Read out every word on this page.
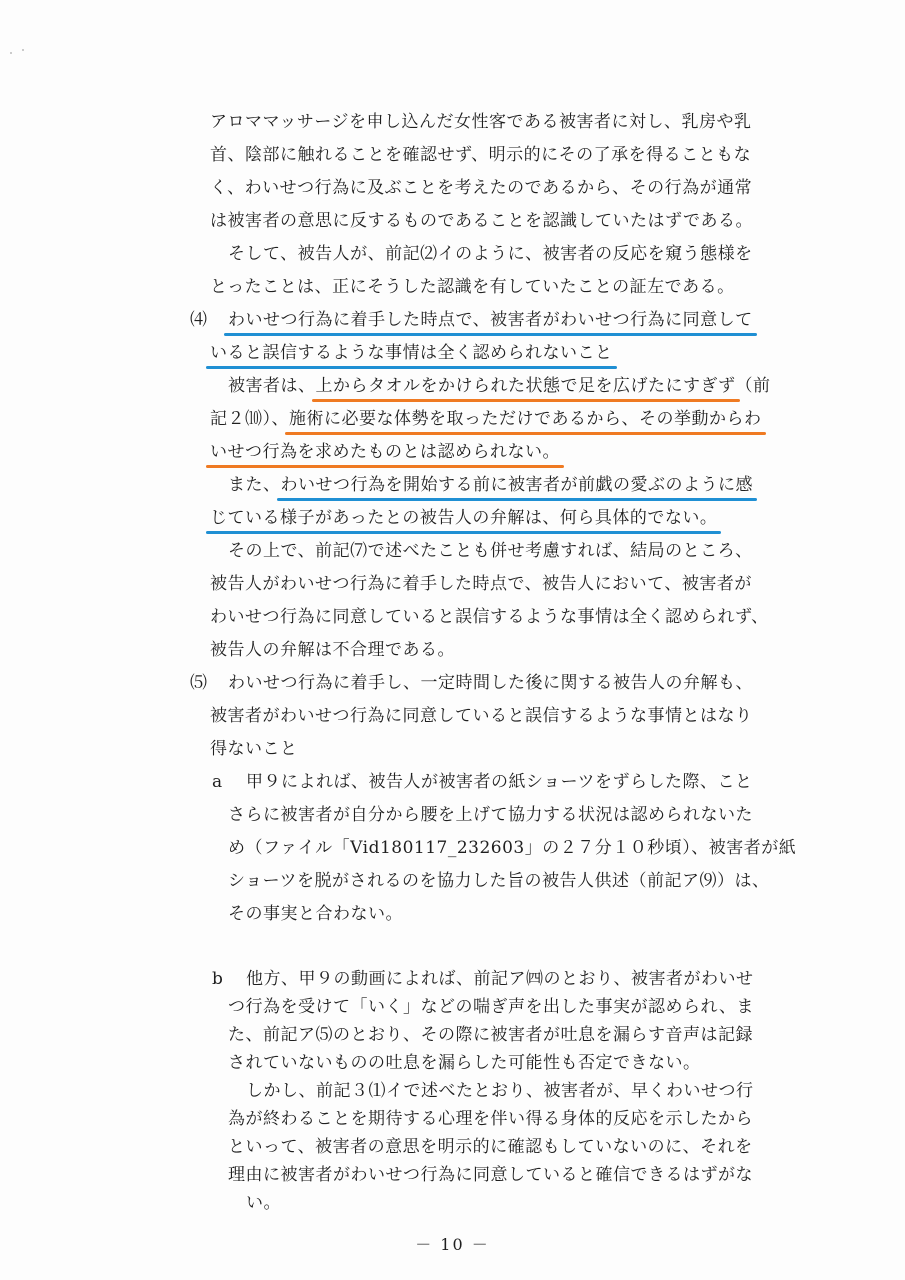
アロママッサージを申し込んだ女性客である被害者に対し、乳房や乳
首、陰部に触れることを確認せず、明示的にその了承を得ることもな
く、わいせつ行為に及ぶことを考えたのであるから、その行為が通常
は被害者の意思に反するものであることを認識していたはずである。
そして、被告人が、前記⑵イのように、被害者の反応を窺う態様を
とったことは、正にそうした認識を有していたことの証左である。
⑷ わいせつ行為に着手した時点で、被害者がわいせつ行為に同意して
いると誤信するような事情は全く認められないこと
被害者は、上からタオルをかけられた状態で足を広げたにすぎず（前
記２⑽）、施術に必要な体勢を取っただけであるから、その挙動からわ
いせつ行為を求めたものとは認められない。
また、わいせつ行為を開始する前に被害者が前戯の愛ぶのように感
じている様子があったとの被告人の弁解は、何ら具体的でない。
その上で、前記⑺で述べたことも併せ考慮すれば、結局のところ、
被告人がわいせつ行為に着手した時点で、被告人において、被害者が
わいせつ行為に同意していると誤信するような事情は全く認められず、
被告人の弁解は不合理である。
⑸ わいせつ行為に着手し、一定時間した後に関する被告人の弁解も、
被害者がわいせつ行為に同意していると誤信するような事情とはなり
得ないこと
a 甲９によれば、被告人が被害者の紙ショーツをずらした際、こと
さらに被害者が自分から腰を上げて協力する状況は認められないた
め（ファイル「Vid180117_232603」の２７分１０秒頃）、被害者が紙
ショーツを脱がされるのを協力した旨の被告人供述（前記ア⑼）は、
その事実と合わない。
b 他方、甲９の動画によれば、前記ア㈣のとおり、被害者がわいせ
つ行為を受けて「いく」などの喘ぎ声を出した事実が認められ、ま
た、前記ア⑸のとおり、その際に被害者が吐息を漏らす音声は記録
されていないものの吐息を漏らした可能性も否定できない。
しかし、前記３⑴イで述べたとおり、被害者が、早くわいせつ行
為が終わることを期待する心理を伴い得る身体的反応を示したから
といって、被害者の意思を明示的に確認もしていないのに、それを
理由に被害者がわいせつ行為に同意していると確信できるはずがな
い。
－ 10 －
